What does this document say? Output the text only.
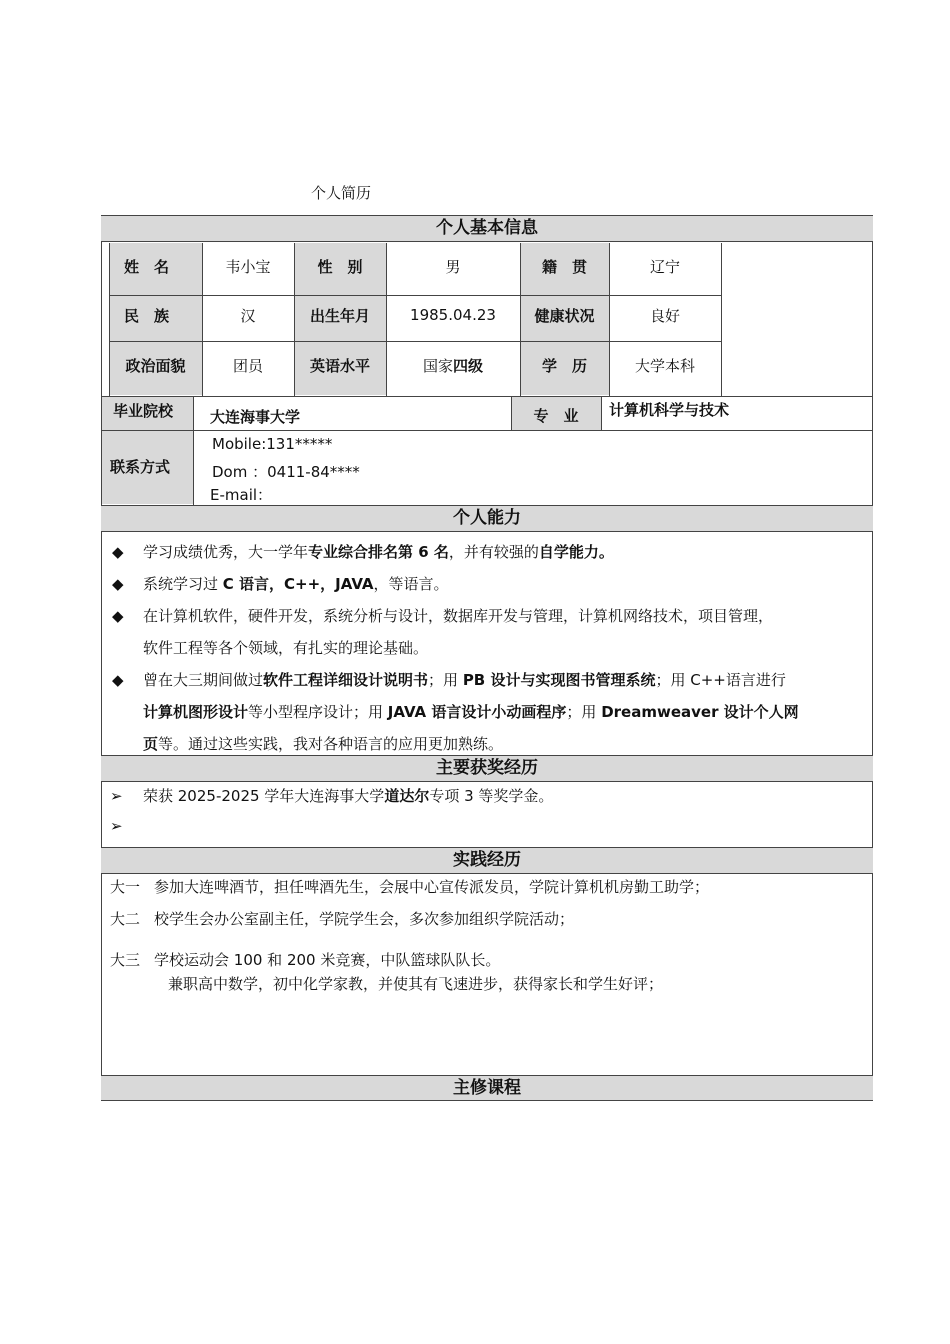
个人简历
个人基本信息
个人能力
主要获奖经历
实践经历
主修课程
姓　名	韦小宝	性　别	男	籍　贯	辽宁
民　族	汉	出生年月	1985.04.23	健康状况	良好
政治面貌	团员	英语水平	国家 四级	学　历	大学本科
毕业院校 大连海事大学	专　业	计算机科学与技术
联系方式
Mobile:131*****
Dom ：0411-84****
E-mail：
◆ 学习成绩优秀，大一学年专业综合排名第 6 名，并有较强的自学能力。
◆ 系统学习过 C 语言，C++，JAVA，等语言。
◆ 在计算机软件，硬件开发，系统分析与设计，数据库开发与管理，计算机网络技术，项目管理，
软件工程等各个领域，有扎实的理论基础。
◆ 曾在大三期间做过软件工程详细设计说明书；用 PB 设计与实现图书管理系统；用 C++语言进行
计算机图形设计等小型程序设计；用 JAVA 语言设计小动画程序；用 Dreamweaver 设计个人网
页等。通过这些实践，我对各种语言的应用更加熟练。
➢ 荣获 2025-2025 学年大连海事大学道达尔专项 3 等奖学金。
➢
大一 参加大连啤酒节，担任啤酒先生，会展中心宣传派发员，学院计算机机房勤工助学；
大二 校学生会办公室副主任，学院学生会，多次参加组织学院活动；
大三 学校运动会 100 和 200 米竞赛，中队篮球队队长。
兼职高中数学，初中化学家教，并使其有飞速进步，获得家长和学生好评；
